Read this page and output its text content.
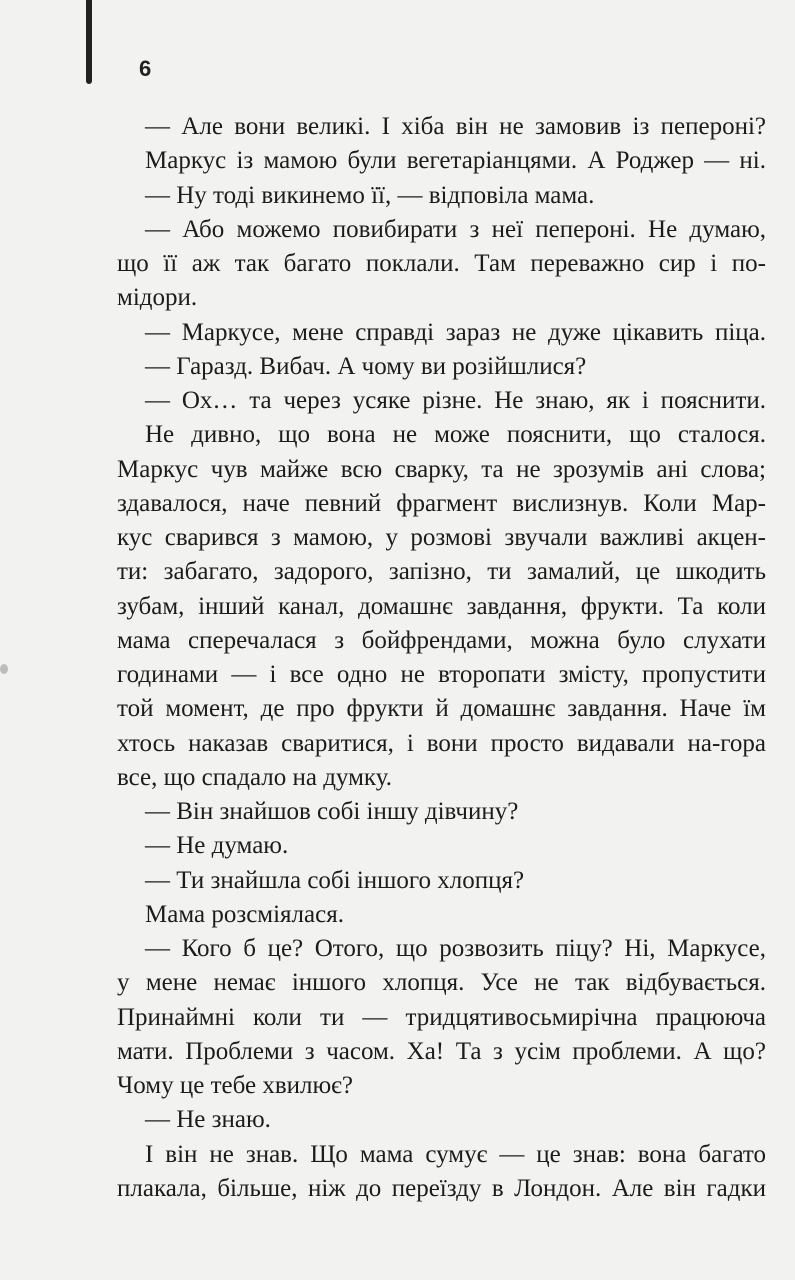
6
— Але вони великі. І хіба він не замовив із пепероні?
Маркус із мамою були вегетаріанцями. А Роджер — ні.
— Ну тоді викинемо її, — відповіла мама.
— Або можемо повибирати з неї пепероні. Не думаю,
що її аж так багато поклали. Там переважно сир і по-
мідори.
— Маркусе, мене справді зараз не дуже цікавить піца.
— Гаразд. Вибач. А чому ви розійшлися?
— Ох… та через усяке різне. Не знаю, як і пояснити.
Не дивно, що вона не може пояснити, що сталося.
Маркус чув майже всю сварку, та не зрозумів ані слова;
здавалося, наче певний фрагмент вислизнув. Коли Мар-
кус сварився з мамою, у розмові звучали важливі акцен-
ти: забагато, задорого, запізно, ти замалий, це шкодить
зубам, інший канал, домашнє завдання, фрукти. Та коли
мама сперечалася з бойфрендами, можна було слухати
годинами — і все одно не второпати змісту, пропустити
той момент, де про фрукти й домашнє завдання. Наче їм
хтось наказав сваритися, і вони просто видавали на-гора
все, що спадало на думку.
— Він знайшов собі іншу дівчину?
— Не думаю.
— Ти знайшла собі іншого хлопця?
Мама розсміялася.
— Кого б це? Отого, що розвозить піцу? Ні, Маркусе,
у мене немає іншого хлопця. Усе не так відбувається.
Принаймні коли ти — тридцятивосьмирічна працююча
мати. Проблеми з часом. Ха! Та з усім проблеми. А що?
Чому це тебе хвилює?
— Не знаю.
І він не знав. Що мама сумує — це знав: вона багато
плакала, більше, ніж до переїзду в Лондон. Але він гадки
